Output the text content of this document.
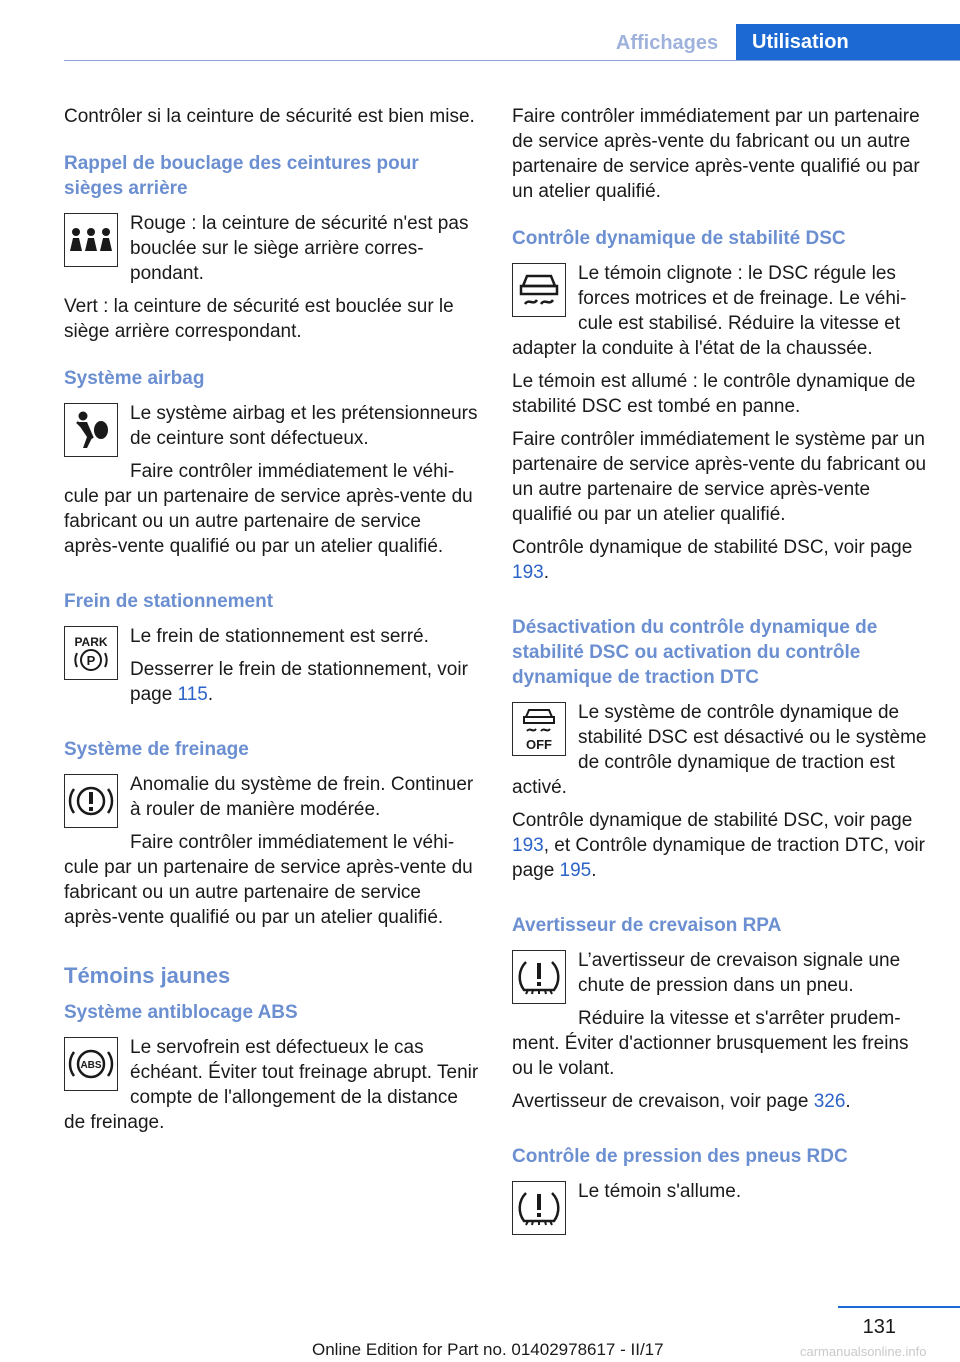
Affichages	Utilisation

Contrôler si la ceinture de sécurité est bien mise.

Rappel de bouclage des ceintures pour sièges arrière

Rouge : la ceinture de sécurité n'est pas bouclée sur le siège arrière correspondant.

Vert : la ceinture de sécurité est bouclée sur le siège arrière correspondant.

Système airbag

Le système airbag et les prétensionneurs de ceinture sont défectueux.

Faire contrôler immédiatement le véhicule par un partenaire de service après-vente du fabricant ou un autre partenaire de service après-vente qualifié ou par un atelier qualifié.

Frein de stationnement
PARK
P

Le frein de stationnement est serré.

Desserrer le frein de stationnement, voir page 115.

Système de freinage

Anomalie du système de frein. Continuer à rouler de manière modérée.

Faire contrôler immédiatement le véhicule par un partenaire de service après-vente du fabricant ou un autre partenaire de service après-vente qualifié ou par un atelier qualifié.

Témoins jaunes
Système antiblocage ABS
ABS

Le servofrein est défectueux le cas échéant. Éviter tout freinage abrupt. Tenir compte de l'allongement de la distance de freinage.

Faire contrôler immédiatement par un partenaire de service après-vente du fabricant ou un autre partenaire de service après-vente qualifié ou par un atelier qualifié.

Contrôle dynamique de stabilité DSC

Le témoin clignote : le DSC régule les forces motrices et de freinage. Le véhicule est stabilisé. Réduire la vitesse et adapter la conduite à l'état de la chaussée.

Le témoin est allumé : le contrôle dynamique de stabilité DSC est tombé en panne.

Faire contrôler immédiatement le système par un partenaire de service après-vente du fabricant ou un autre partenaire de service après-vente qualifié ou par un atelier qualifié.

Contrôle dynamique de stabilité DSC, voir page 193.

Désactivation du contrôle dynamique de stabilité DSC ou activation du contrôle dynamique de traction DTC
OFF

Le système de contrôle dynamique de stabilité DSC est désactivé ou le système de contrôle dynamique de traction est activé.

Contrôle dynamique de stabilité DSC, voir page 193, et Contrôle dynamique de traction DTC, voir page 195.

Avertisseur de crevaison RPA

L’avertisseur de crevaison signale une chute de pression dans un pneu.

Réduire la vitesse et s'arrêter prudemment. Éviter d'actionner brusquement les freins ou le volant.

Avertisseur de crevaison, voir page 326.

Contrôle de pression des pneus RDC

Le témoin s'allume.

131
Online Edition for Part no. 01402978617 - II/17	carmanualsonline.info
